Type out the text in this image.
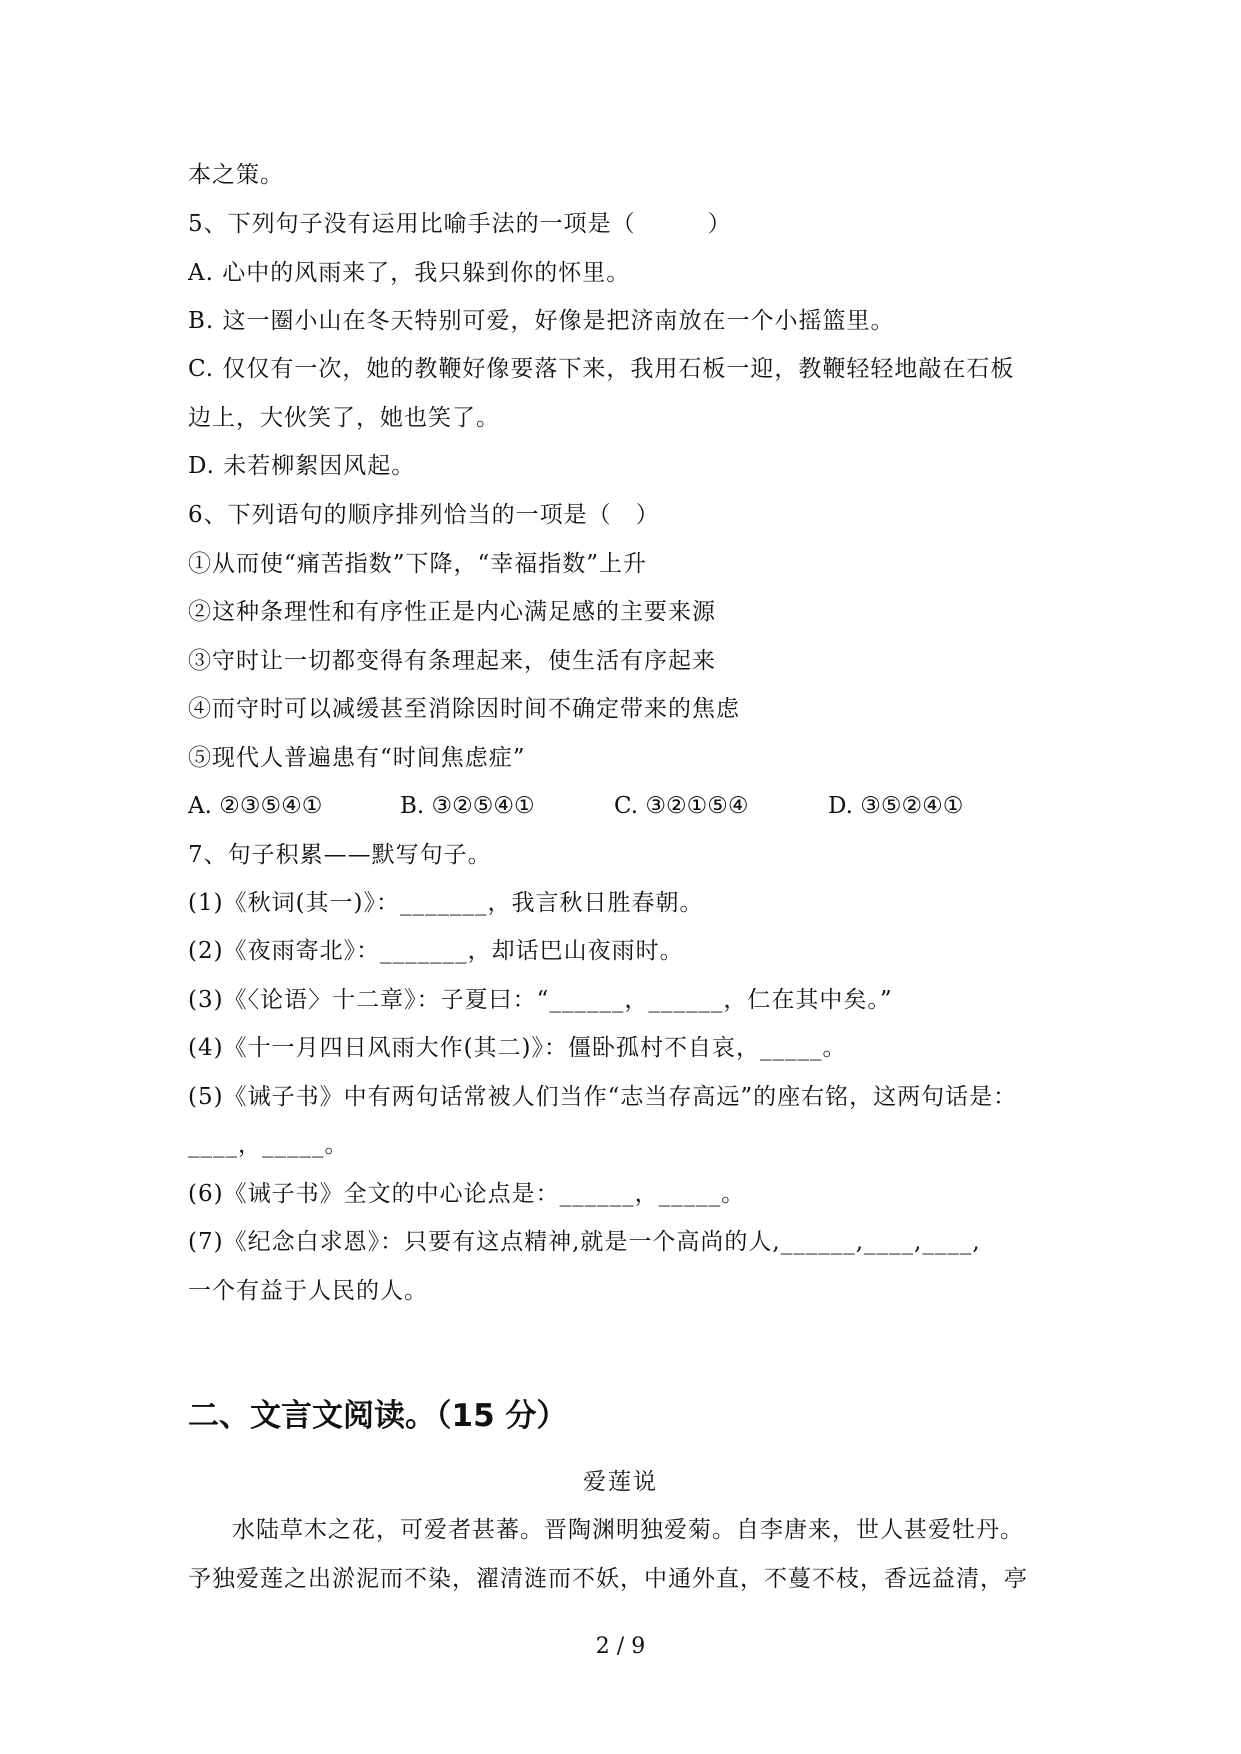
本之策。
5、下列句子没有运用比喻手法的一项是（　　　）
A. 心中的风雨来了，我只躲到你的怀里。
B. 这一圈小山在冬天特别可爱，好像是把济南放在一个小摇篮里。
C. 仅仅有一次，她的教鞭好像要落下来，我用石板一迎，教鞭轻轻地敲在石板
边上，大伙笑了，她也笑了。
D. 未若柳絮因风起。
6、下列语句的顺序排列恰当的一项是（　）
①从而使“痛苦指数”下降，“幸福指数”上升
②这种条理性和有序性正是内心满足感的主要来源
③守时让一切都变得有条理起来，使生活有序起来
④而守时可以减缓甚至消除因时间不确定带来的焦虑
⑤现代人普遍患有“时间焦虑症”
A. ②③⑤④①	B. ③②⑤④①	C. ③②①⑤④	D. ③⑤②④①
7、句子积累——默写句子。
(1)《秋词(其一)》：_______，我言秋日胜春朝。
(2)《夜雨寄北》：_______，却话巴山夜雨时。
(3)《〈论语〉十二章》：子夏曰：“______，______，仁在其中矣。”
(4)《十一月四日风雨大作(其二)》：僵卧孤村不自哀，_____。
(5)《诫子书》中有两句话常被人们当作“志当存高远”的座右铭，这两句话是：
____，_____。
(6)《诫子书》全文的中心论点是：______，_____。
(7)《纪念白求恩》：只要有这点精神,就是一个高尚的人,______,____,____,
一个有益于人民的人。
二、文言文阅读。（15 分）
爱莲说
水陆草木之花，可爱者甚蕃。晋陶渊明独爱菊。自李唐来，世人甚爱牡丹。
予独爱莲之出淤泥而不染，濯清涟而不妖，中通外直，不蔓不枝，香远益清，亭
2 / 9
